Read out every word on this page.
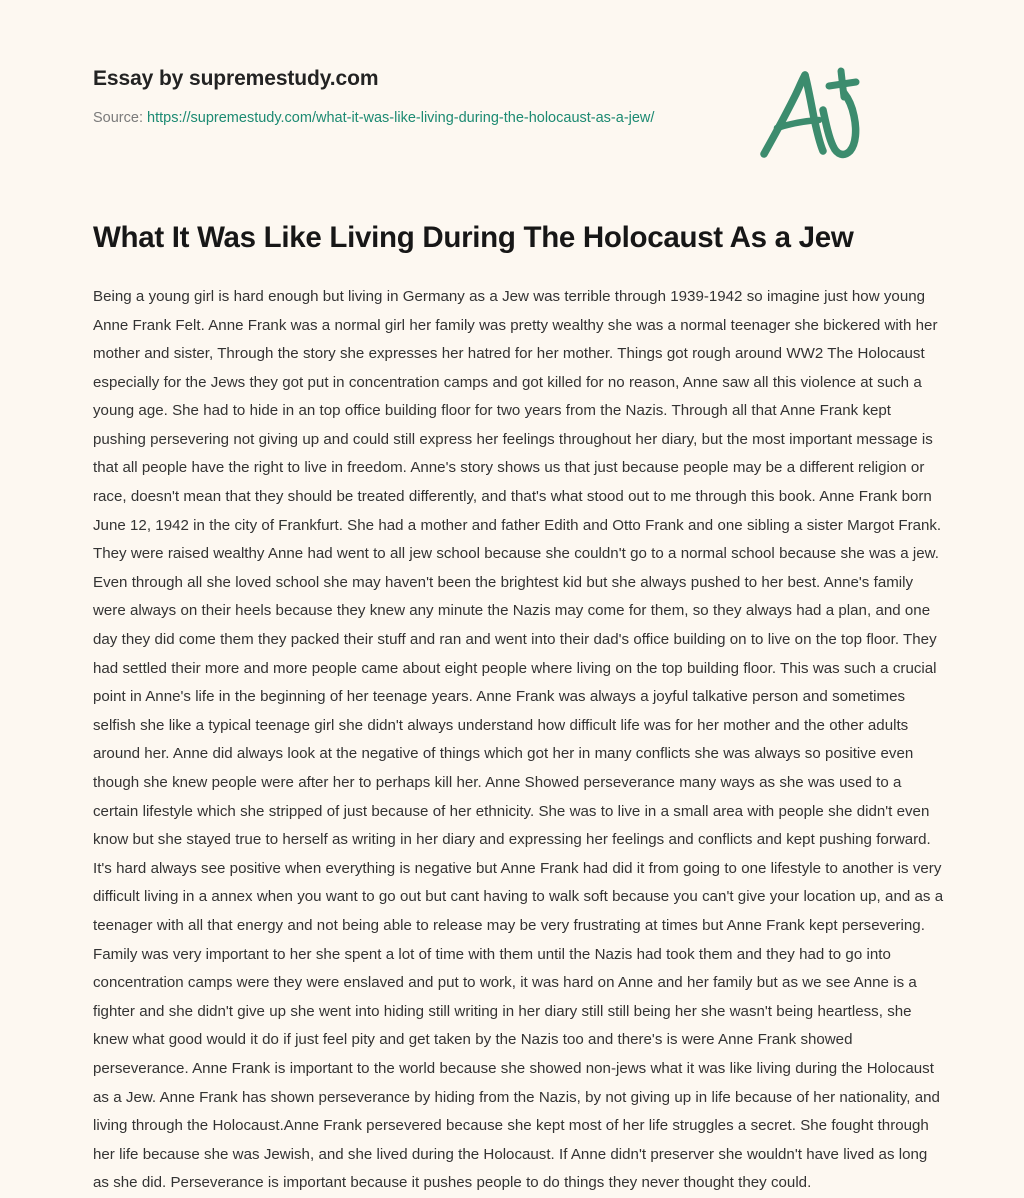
Essay by supremestudy.com
Source: https://supremestudy.com/what-it-was-like-living-during-the-holocaust-as-a-jew/
What It Was Like Living During The Holocaust As a Jew

Being a young girl is hard enough but living in Germany as a Jew was terrible through 1939-1942 so imagine just how young Anne Frank Felt. Anne Frank was a normal girl her family was pretty wealthy she was a normal teenager she bickered with her mother and sister, Through the story she expresses her hatred for her mother. Things got rough around WW2 The Holocaust especially for the Jews they got put in concentration camps and got killed for no reason, Anne saw all this violence at such a young age. She had to hide in an top office building floor for two years from the Nazis. Through all that Anne Frank kept pushing persevering not giving up and could still express her feelings throughout her diary, but the most important message is that all people have the right to live in freedom. Anne's story shows us that just because people may be a different religion or race, doesn't mean that they should be treated differently, and that's what stood out to me through this book. Anne Frank born June 12, 1942 in the city of Frankfurt. She had a mother and father Edith and Otto Frank and one sibling a sister Margot Frank. They were raised wealthy Anne had went to all jew school because she couldn't go to a normal school because she was a jew. Even through all she loved school she may haven't been the brightest kid but she always pushed to her best. Anne's family were always on their heels because they knew any minute the Nazis may come for them, so they always had a plan, and one day they did come them they packed their stuff and ran and went into their dad's office building on to live on the top floor. They had settled their more and more people came about eight people where living on the top building floor. This was such a crucial point in Anne's life in the beginning of her teenage years. Anne Frank was always a joyful talkative person and sometimes selfish she like a typical teenage girl she didn't always understand how difficult life was for her mother and the other adults around her. Anne did always look at the negative of things which got her in many conflicts she was always so positive even though she knew people were after her to perhaps kill her. Anne Showed perseverance many ways as she was used to a certain lifestyle which she stripped of just because of her ethnicity. She was to live in a small area with people she didn't even know but she stayed true to herself as writing in her diary and expressing her feelings and conflicts and kept pushing forward. It's hard always see positive when everything is negative but Anne Frank had did it from going to one lifestyle to another is very difficult living in a annex when you want to go out but cant having to walk soft because you can't give your location up, and as a teenager with all that energy and not being able to release may be very frustrating at times but Anne Frank kept persevering. Family was very important to her she spent a lot of time with them until the Nazis had took them and they had to go into concentration camps were they were enslaved and put to work, it was hard on Anne and her family but as we see Anne is a fighter and she didn't give up she went into hiding still writing in her diary still still being her she wasn't being heartless, she knew what good would it do if just feel pity and get taken by the Nazis too and there's is were Anne Frank showed perseverance. Anne Frank is important to the world because she showed non-jews what it was like living during the Holocaust as a Jew. Anne Frank has shown perseverance by hiding from the Nazis, by not giving up in life because of her nationality, and living through the Holocaust.Anne Frank persevered because she kept most of her life struggles a secret. She fought through her life because she was Jewish, and she lived during the Holocaust. If Anne didn't preserver she wouldn't have lived as long as she did. Perseverance is important because it pushes people to do things they never thought they could.
